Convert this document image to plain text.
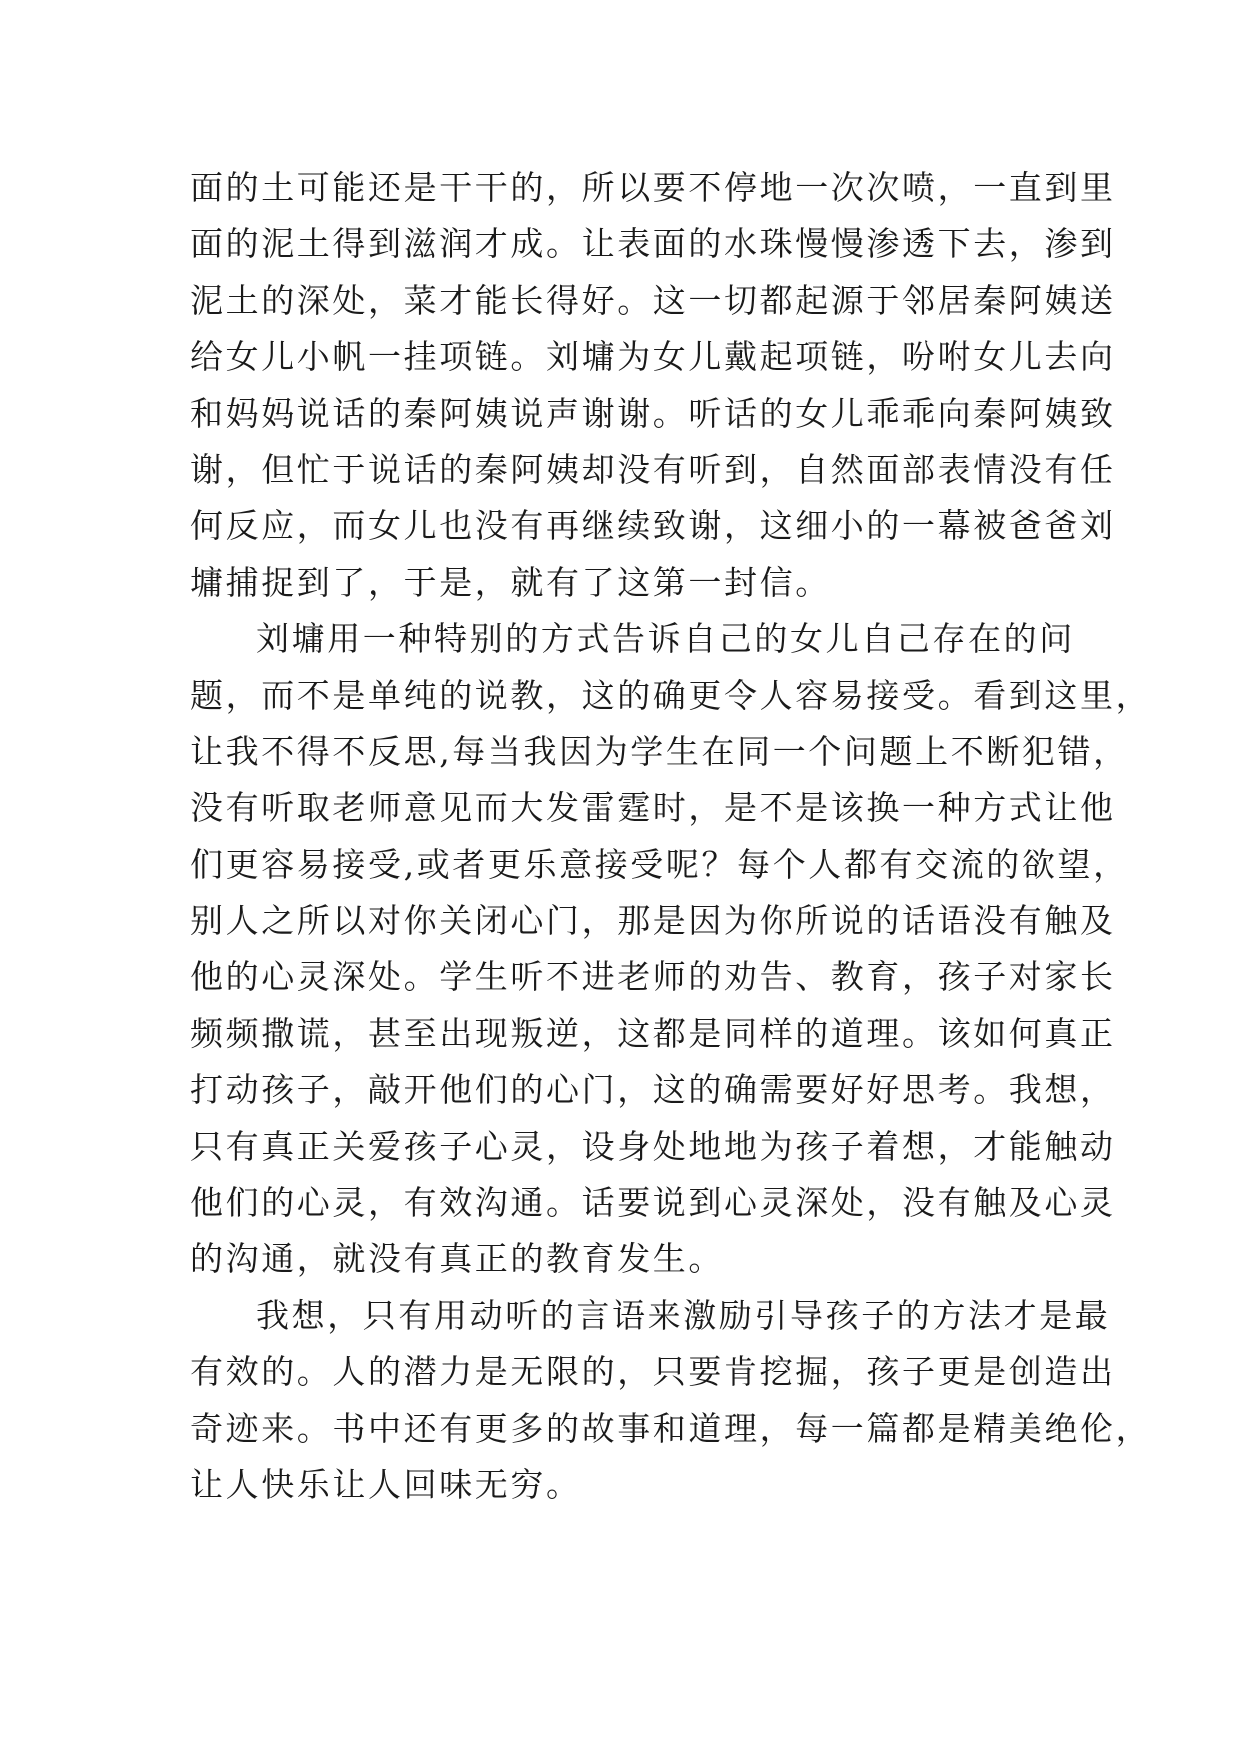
面的土可能还是干干的，所以要不停地一次次喷，一直到里
面的泥土得到滋润才成。让表面的水珠慢慢渗透下去，渗到
泥土的深处，菜才能长得好。这一切都起源于邻居秦阿姨送
给女儿小帆一挂项链。刘墉为女儿戴起项链，吩咐女儿去向
和妈妈说话的秦阿姨说声谢谢。听话的女儿乖乖向秦阿姨致
谢，但忙于说话的秦阿姨却没有听到，自然面部表情没有任
何反应，而女儿也没有再继续致谢，这细小的一幕被爸爸刘
墉捕捉到了，于是，就有了这第一封信。
刘墉用一种特别的方式告诉自己的女儿自己存在的问
题，而不是单纯的说教，这的确更令人容易接受。看到这里，
让我不得不反思,每当我因为学生在同一个问题上不断犯错，
没有听取老师意见而大发雷霆时，是不是该换一种方式让他
们更容易接受,或者更乐意接受呢？每个人都有交流的欲望，
别人之所以对你关闭心门，那是因为你所说的话语没有触及
他的心灵深处。学生听不进老师的劝告、教育，孩子对家长
频频撒谎，甚至出现叛逆，这都是同样的道理。该如何真正
打动孩子，敲开他们的心门，这的确需要好好思考。我想，
只有真正关爱孩子心灵，设身处地地为孩子着想，才能触动
他们的心灵，有效沟通。话要说到心灵深处，没有触及心灵
的沟通，就没有真正的教育发生。
我想，只有用动听的言语来激励引导孩子的方法才是最
有效的。人的潜力是无限的，只要肯挖掘，孩子更是创造出
奇迹来。书中还有更多的故事和道理，每一篇都是精美绝伦，
让人快乐让人回味无穷。
